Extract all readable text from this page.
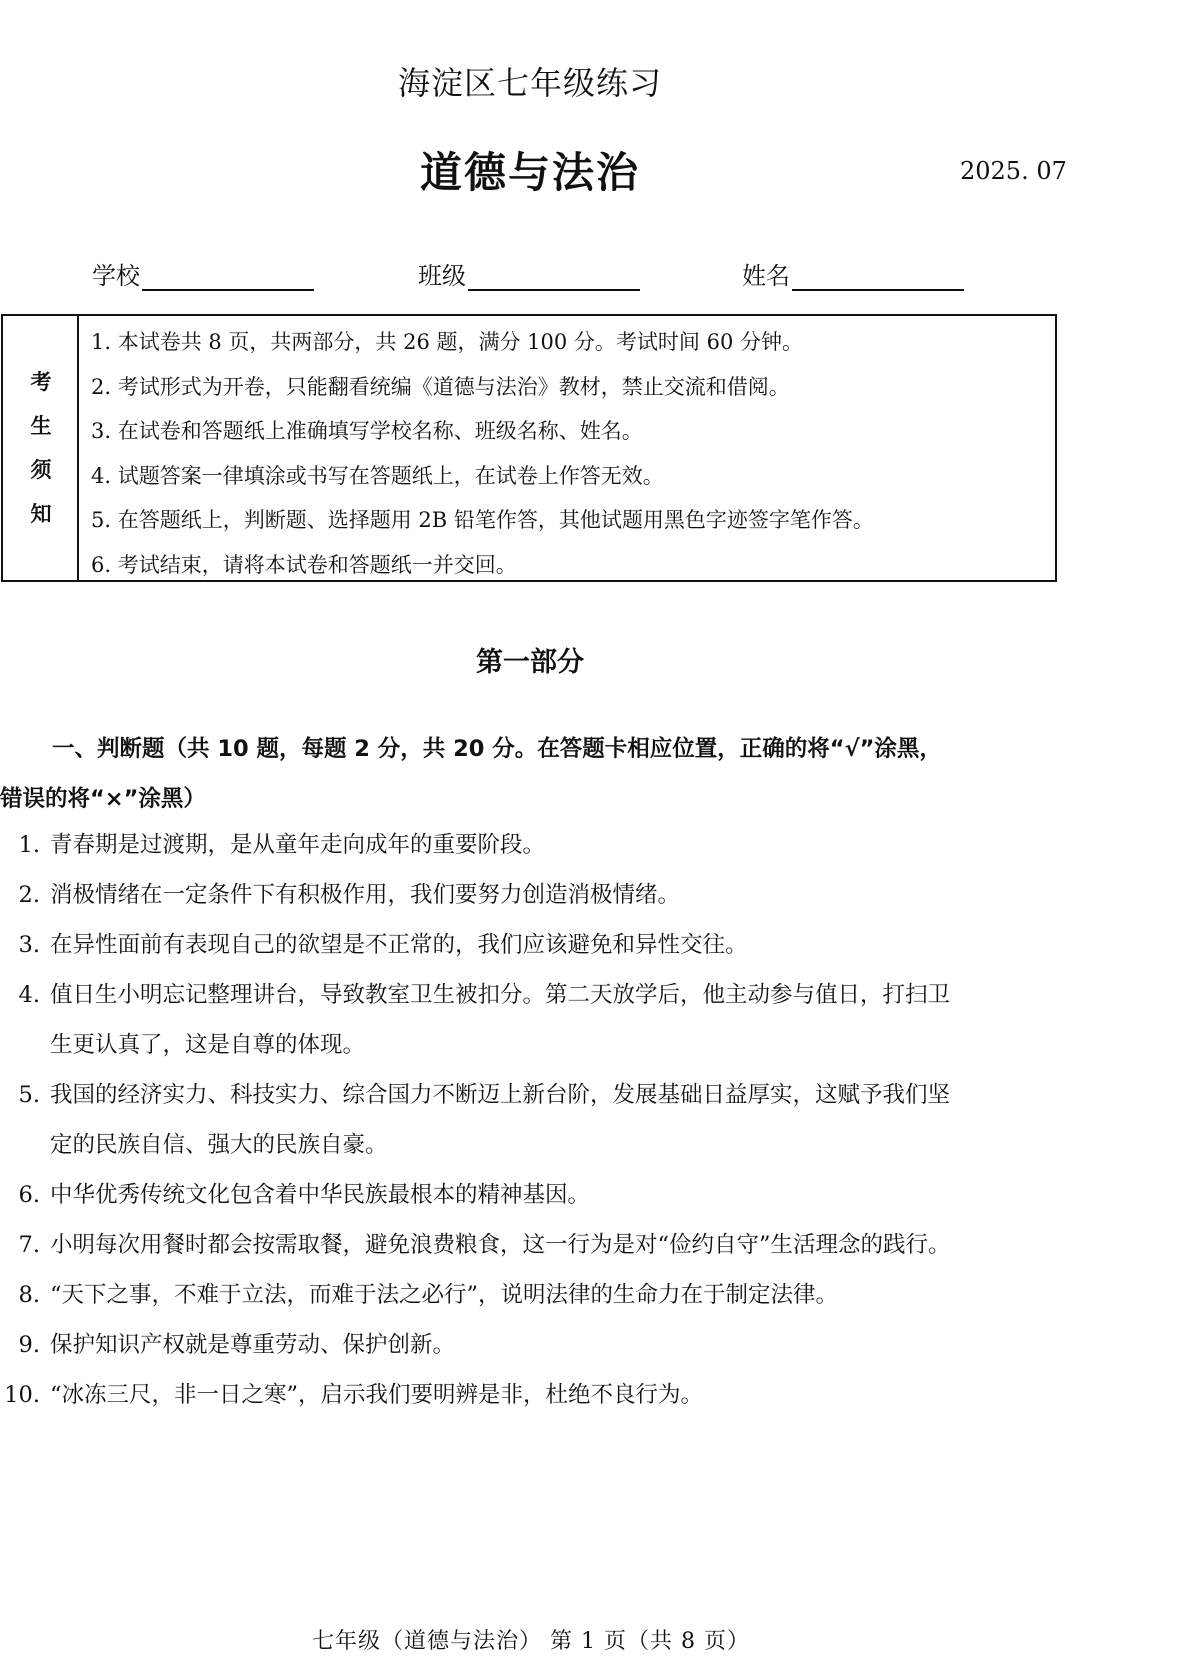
海淀区七年级练习
道德与法治	2025. 07
学校	班级	姓名
考
生
须
知
1. 本试卷共 8 页，共两部分，共 26 题，满分 100 分。考试时间 60 分钟。
2. 考试形式为开卷，只能翻看统编《道德与法治》教材，禁止交流和借阅。
3. 在试卷和答题纸上准确填写学校名称、班级名称、姓名。
4. 试题答案一律填涂或书写在答题纸上，在试卷上作答无效。
5. 在答题纸上，判断题、选择题用 2B 铅笔作答，其他试题用黑色字迹签字笔作答。
6. 考试结束，请将本试卷和答题纸一并交回。
第一部分
一、判断题（共 10 题，每题 2 分，共 20 分。在答题卡相应位置，正确的将“√”涂黑，
错误的将“×”涂黑）
1. 青春期是过渡期，是从童年走向成年的重要阶段。
2. 消极情绪在一定条件下有积极作用，我们要努力创造消极情绪。
3. 在异性面前有表现自己的欲望是不正常的，我们应该避免和异性交往。
4. 值日生小明忘记整理讲台，导致教室卫生被扣分。第二天放学后，他主动参与值日，打扫卫
生更认真了，这是自尊的体现。
5. 我国的经济实力、科技实力、综合国力不断迈上新台阶，发展基础日益厚实，这赋予我们坚
定的民族自信、强大的民族自豪。
6. 中华优秀传统文化包含着中华民族最根本的精神基因。
7. 小明每次用餐时都会按需取餐，避免浪费粮食，这一行为是对“俭约自守”生活理念的践行。
8. “天下之事，不难于立法，而难于法之必行”，说明法律的生命力在于制定法律。
9. 保护知识产权就是尊重劳动、保护创新。
10. “冰冻三尺，非一日之寒”，启示我们要明辨是非，杜绝不良行为。
七年级（道德与法治） 第 1 页（共 8 页）
